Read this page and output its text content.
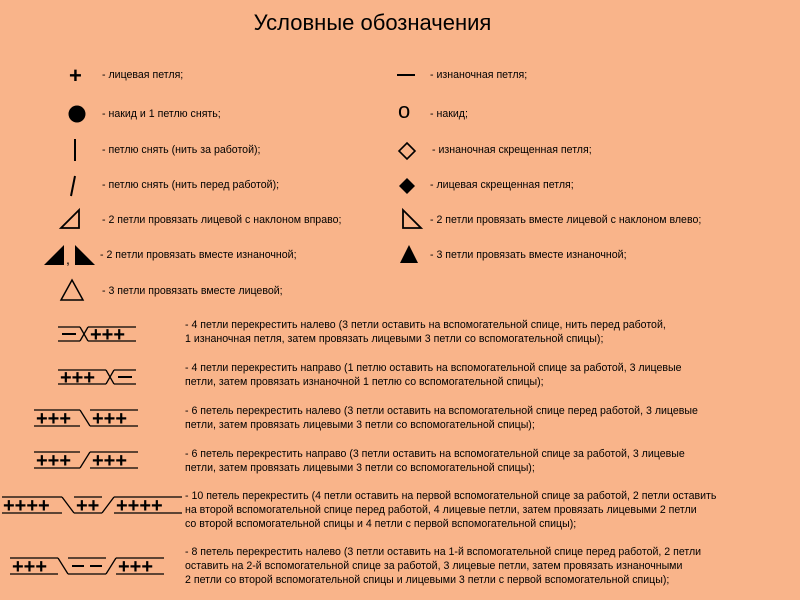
Условные обозначения
+
,
- лицевая петля;
- накид и 1 петлю снять;
- петлю снять (нить за работой);
- петлю снять (нить перед работой);
- 2 петли провязать лицевой с наклоном вправо;
- 2 петли провязать вместе изнаночной;
- 3 петли провязать вместе лицевой;
o
- изнаночная петля;
- накид;
- изнаночная скрещенная петля;
- лицевая скрещенная петля;
- 2 петли провязать вместе лицевой с наклоном влево;
- 3 петли провязать вместе изнаночной;
+++
+++
+++ +++
+++ +++
++++ ++ ++++
+++	+++
- 4 петли перекрестить налево (3 петли оставить на вспомогательной спице, нить перед работой,
1 изнаночная петля, затем провязать лицевыми 3 петли со вспомогательной спицы);
- 4 петли перекрестить направо (1 петлю оставить на вспомогательной спице за работой, 3 лицевые
петли, затем провязать изнаночной 1 петлю со вспомогательной спицы);
- 6 петель перекрестить налево (3 петли оставить на вспомогательной спице перед работой, 3 лицевые
петли, затем провязать лицевыми 3 петли со вспомогательной спицы);
- 6 петель перекрестить направо (3 петли оставить на вспомогательной спице за работой, 3 лицевые
петли, затем провязать лицевыми 3 петли со вспомогательной спицы);
- 10 петель перекрестить (4 петли оставить на первой вспомогательной спице за работой, 2 петли оставить
на второй вспомогательной спице перед работой, 4 лицевые петли, затем провязать лицевыми 2 петли
со второй вспомогательной спицы и 4 петли с первой вспомогательной спицы);
- 8 петель перекрестить налево (3 петли оставить на 1-й вспомогательной спице перед работой, 2 петли
оставить на 2-й вспомогательной спице за работой, 3 лицевые петли, затем провязать изнаночными
2 петли со второй вспомогательной спицы и лицевыми 3 петли с первой вспомогательной спицы);
